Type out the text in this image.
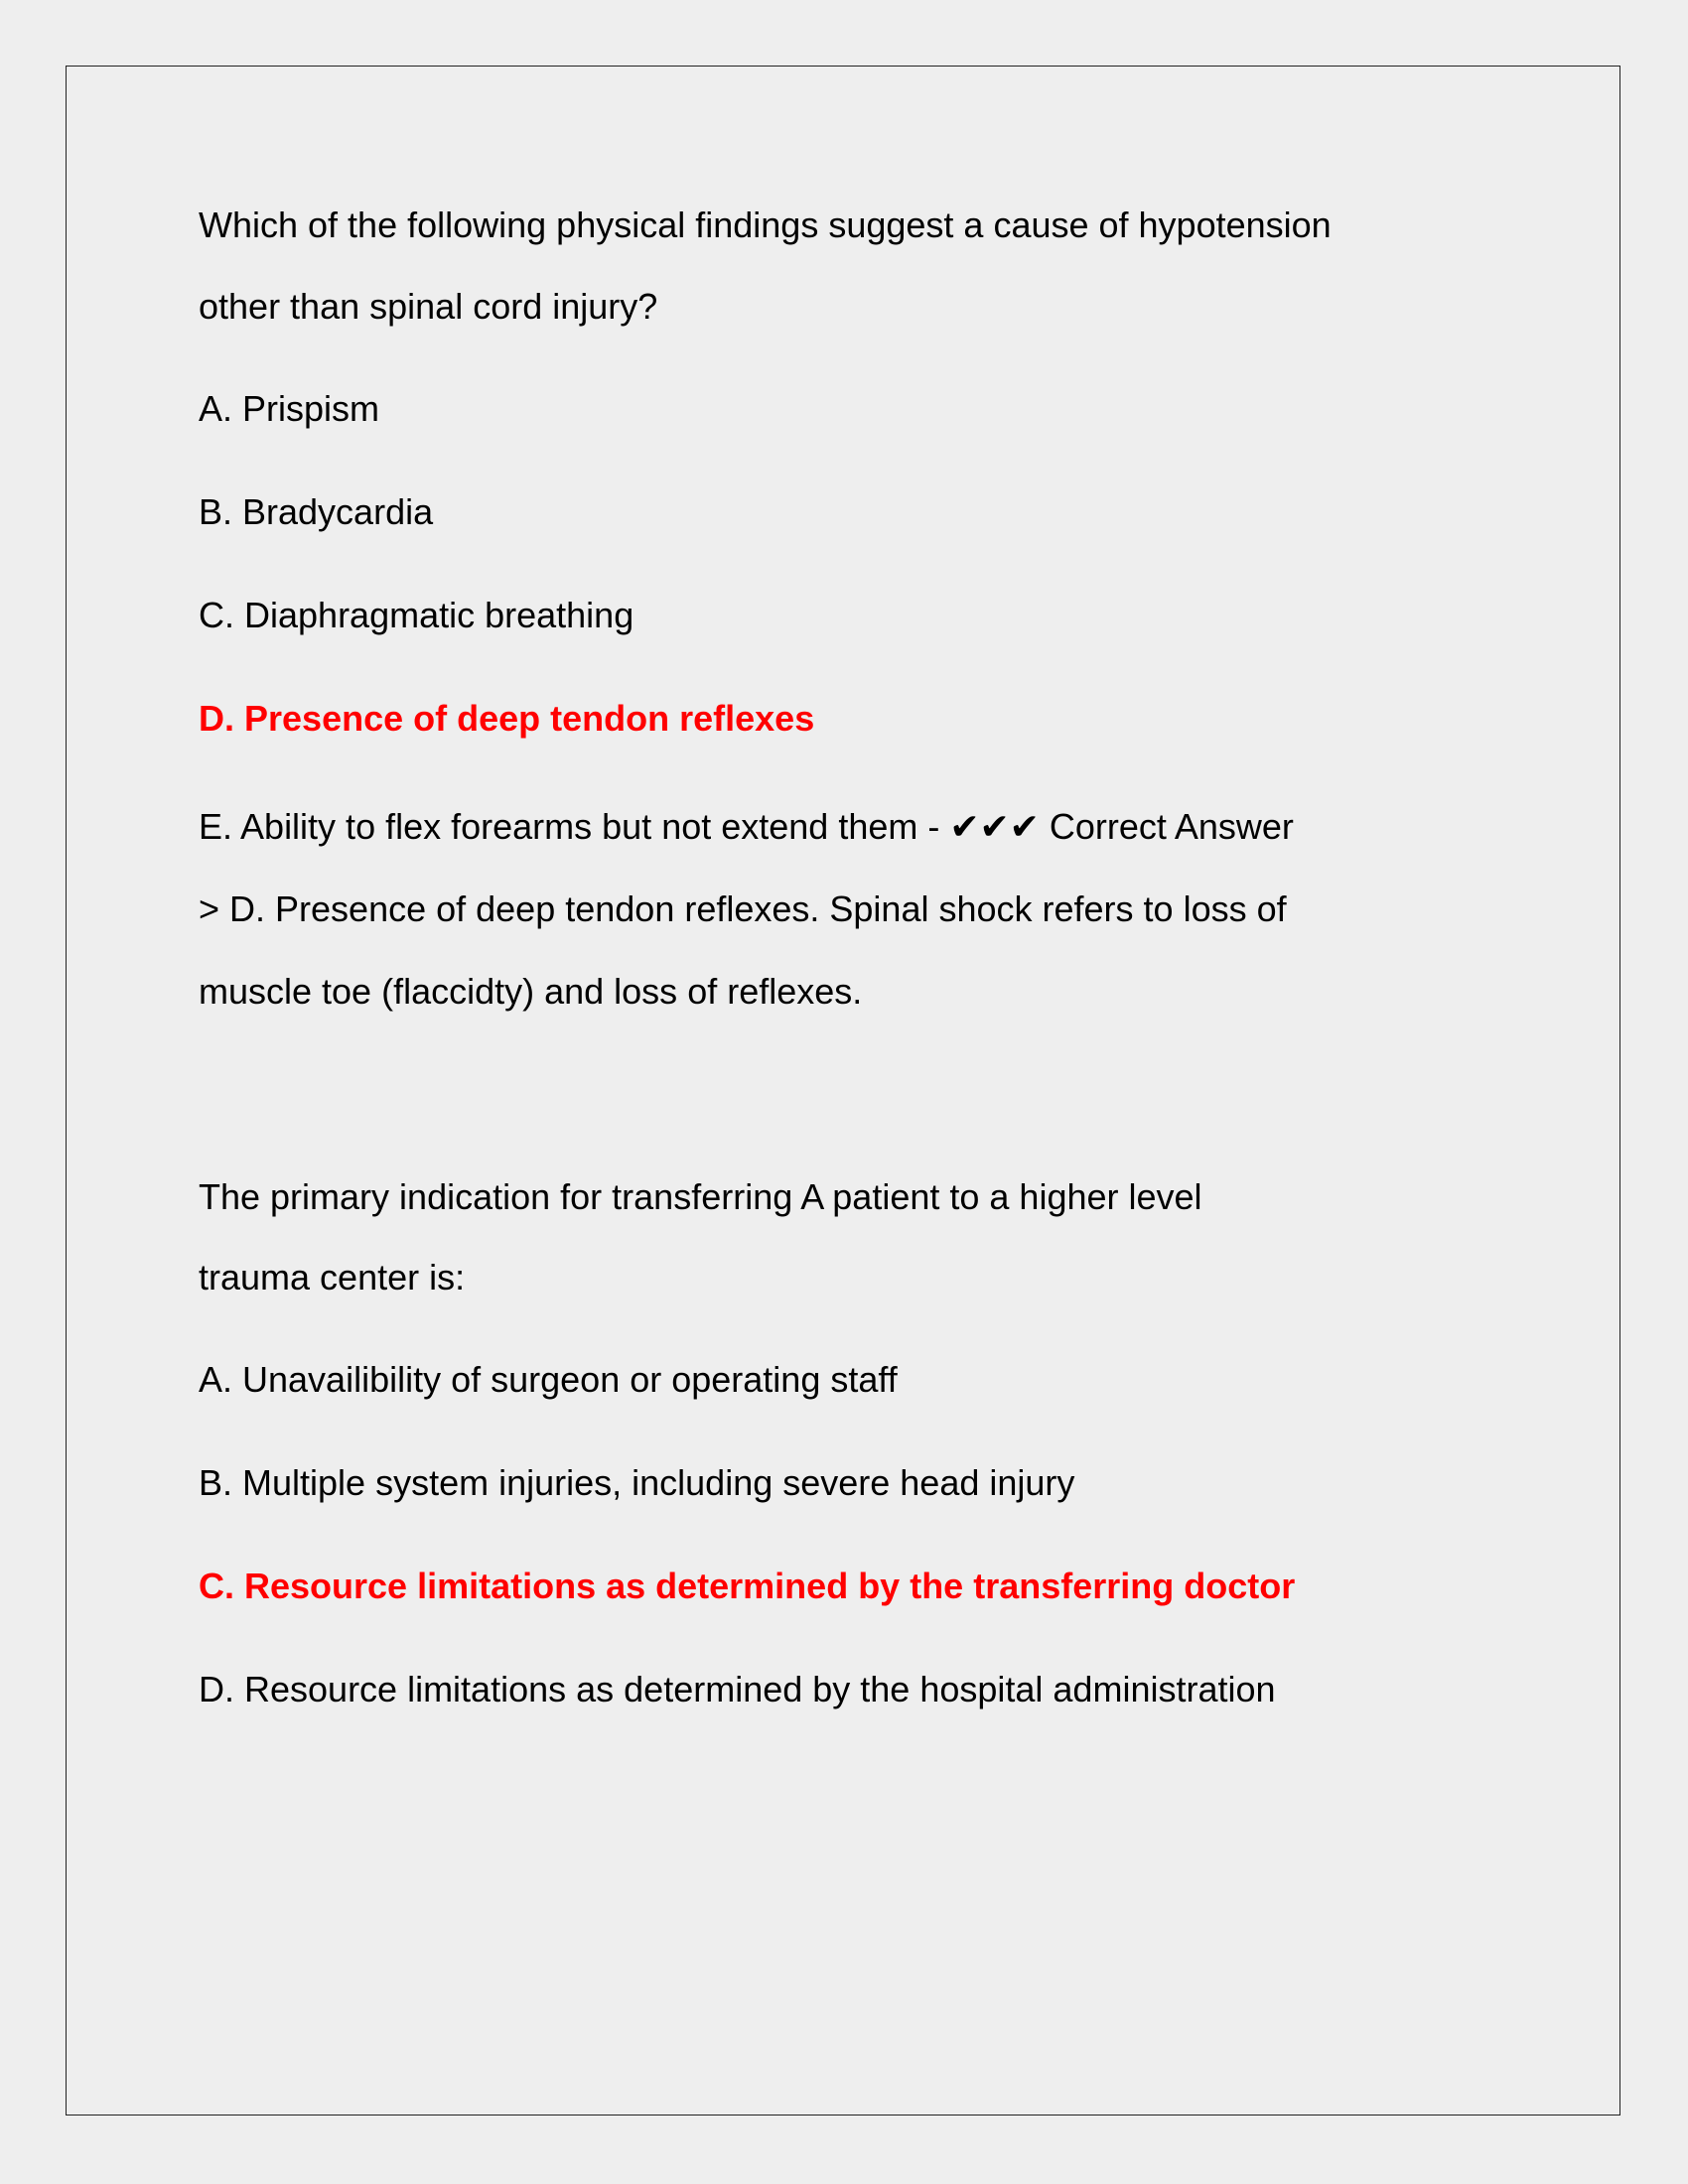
Which of the following physical findings suggest a cause of hypotension
other than spinal cord injury?
A. Prispism
B. Bradycardia
C. Diaphragmatic breathing
D. Presence of deep tendon reflexes
E. Ability to flex forearms but not extend them - ✔✔✔ Correct Answer
> D. Presence of deep tendon reflexes. Spinal shock refers to loss of
muscle toe (flaccidty) and loss of reflexes.
The primary indication for transferring A patient to a higher level
trauma center is:
A. Unavailibility of surgeon or operating staff
B. Multiple system injuries, including severe head injury
C. Resource limitations as determined by the transferring doctor
D. Resource limitations as determined by the hospital administration
